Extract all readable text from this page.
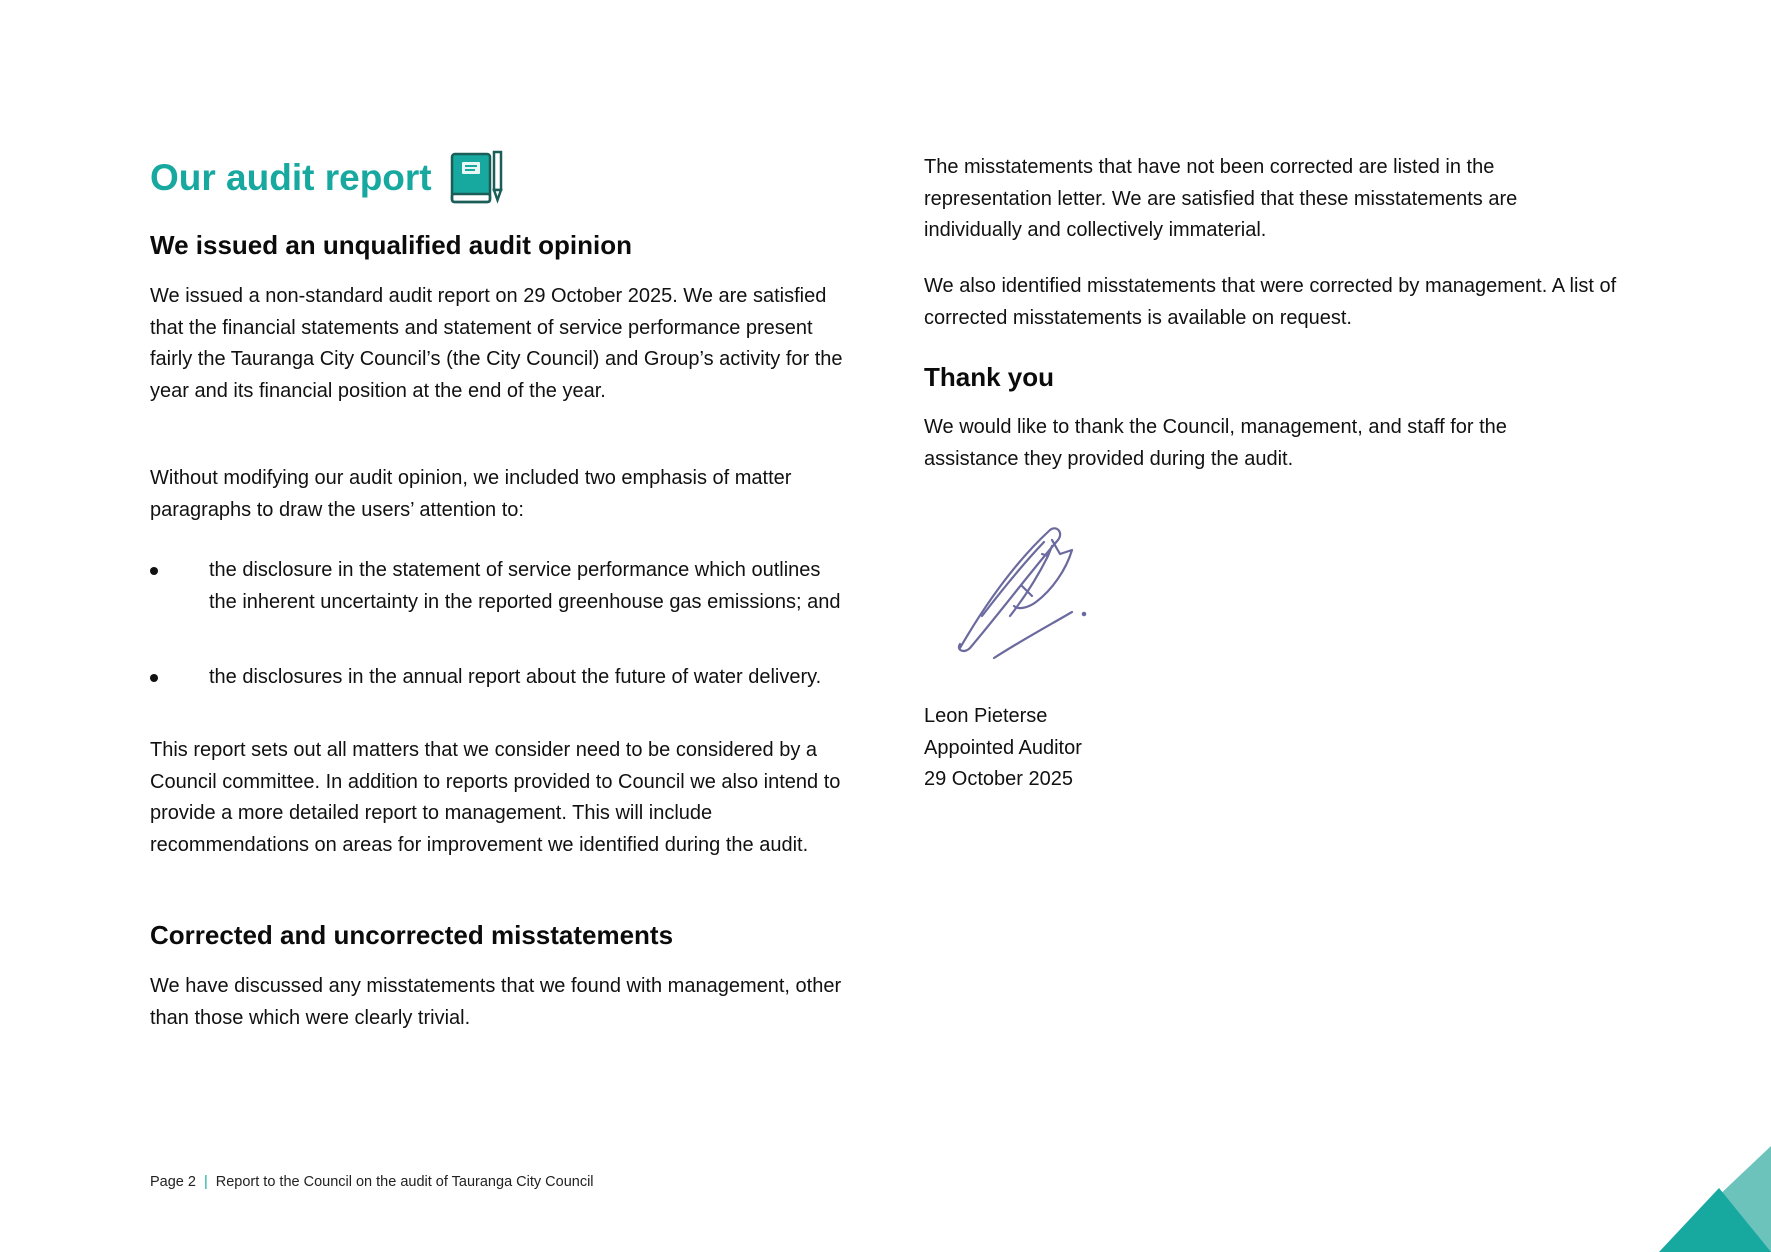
Our audit report
We issued an unqualified audit opinion

We issued a non-standard audit report on 29 October 2025. We are satisfied that the financial statements and statement of service performance present fairly the Tauranga City Council’s (the City Council) and Group’s activity for the year and its financial position at the end of the year.

Without modifying our audit opinion, we included two emphasis of matter paragraphs to draw the users’ attention to:

the disclosure in the statement of service performance which outlines the inherent uncertainty in the reported greenhouse gas emissions; and

the disclosures in the annual report about the future of water delivery.

This report sets out all matters that we consider need to be considered by a Council committee. In addition to reports provided to Council we also intend to provide a more detailed report to management. This will include recommendations on areas for improvement we identified during the audit.

Corrected and uncorrected misstatements

We have discussed any misstatements that we found with management, other than those which were clearly trivial.

The misstatements that have not been corrected are listed in the representation letter. We are satisfied that these misstatements are individually and collectively immaterial.

We also identified misstatements that were corrected by management. A list of corrected misstatements is available on request.

Thank you

We would like to thank the Council, management, and staff for the assistance they provided during the audit.

Leon Pieterse

Appointed Auditor

29 October 2025

Page 2 | Report to the Council on the audit of Tauranga City Council
